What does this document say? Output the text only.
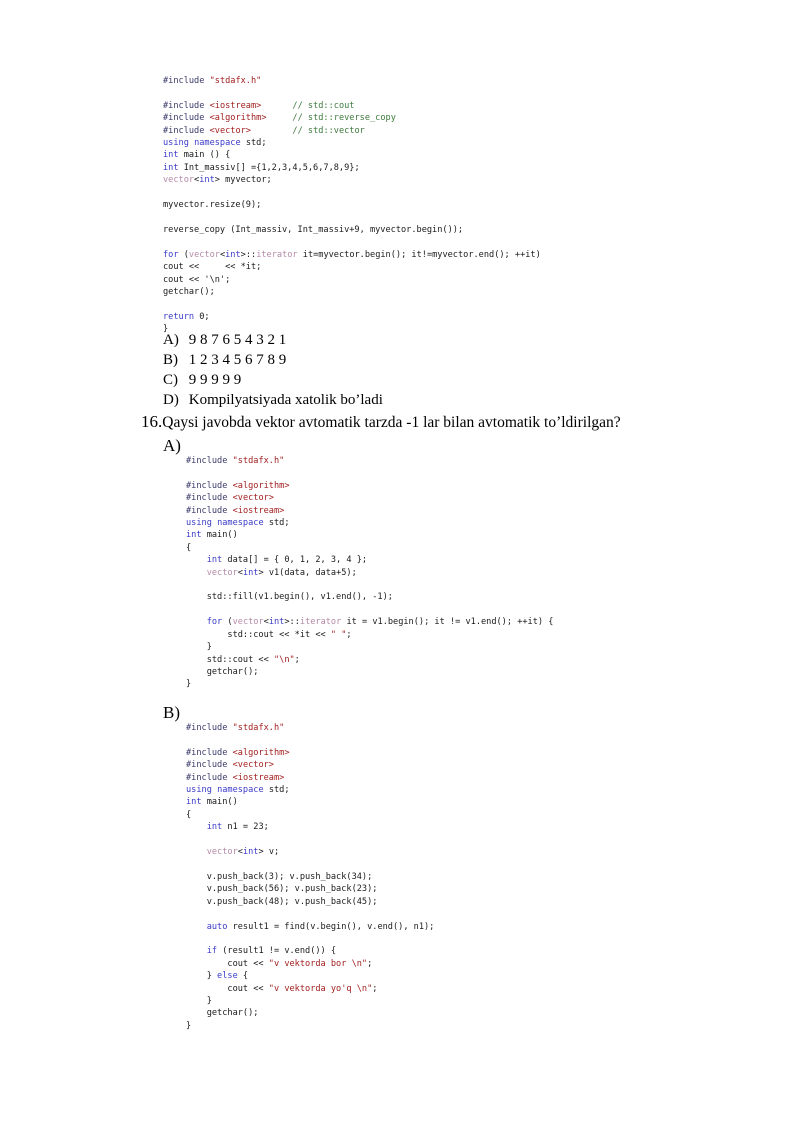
#include "stdafx.h"

#include <iostream>	// std::cout
#include <algorithm>	// std::reverse_copy
#include <vector>	// std::vector
using namespace std;
int main () {
int Int_massiv[] ={1,2,3,4,5,6,7,8,9};
vector<int> myvector;

myvector.resize(9);

reverse_copy (Int_massiv, Int_massiv+9, myvector.begin());

for (vector<int>::iterator it=myvector.begin(); it!=myvector.end(); ++it)
cout <<     << *it;
cout << '\n';
getchar();

return 0;
}
A) 9 8 7 6 5 4 3 2 1
B) 1 2 3 4 5 6 7 8 9
C) 9 9 9 9 9
D) Kompilyatsiyada xatolik bo’ladi
16.Qaysi javobda vektor avtomatik tarzda -1 lar bilan avtomatik to’ldirilgan?
A)
#include "stdafx.h"

#include <algorithm>
#include <vector>
#include <iostream>
using namespace std;
int main()
{
int data[] = { 0, 1, 2, 3, 4 };
vector<int> v1(data, data+5);

std::fill(v1.begin(), v1.end(), -1);

for (vector<int>::iterator it = v1.begin(); it != v1.end(); ++it) {
std::cout << *it << " ";
}
std::cout << "\n";
getchar();
}
B)
#include "stdafx.h"

#include <algorithm>
#include <vector>
#include <iostream>
using namespace std;
int main()
{
int n1 = 23;

vector<int> v;

v.push_back(3); v.push_back(34);
v.push_back(56); v.push_back(23);
v.push_back(48); v.push_back(45);

auto result1 = find(v.begin(), v.end(), n1);

if (result1 != v.end()) {
cout << "v vektorda bor \n";
} else {
cout << "v vektorda yo'q \n";
}
getchar();
}
